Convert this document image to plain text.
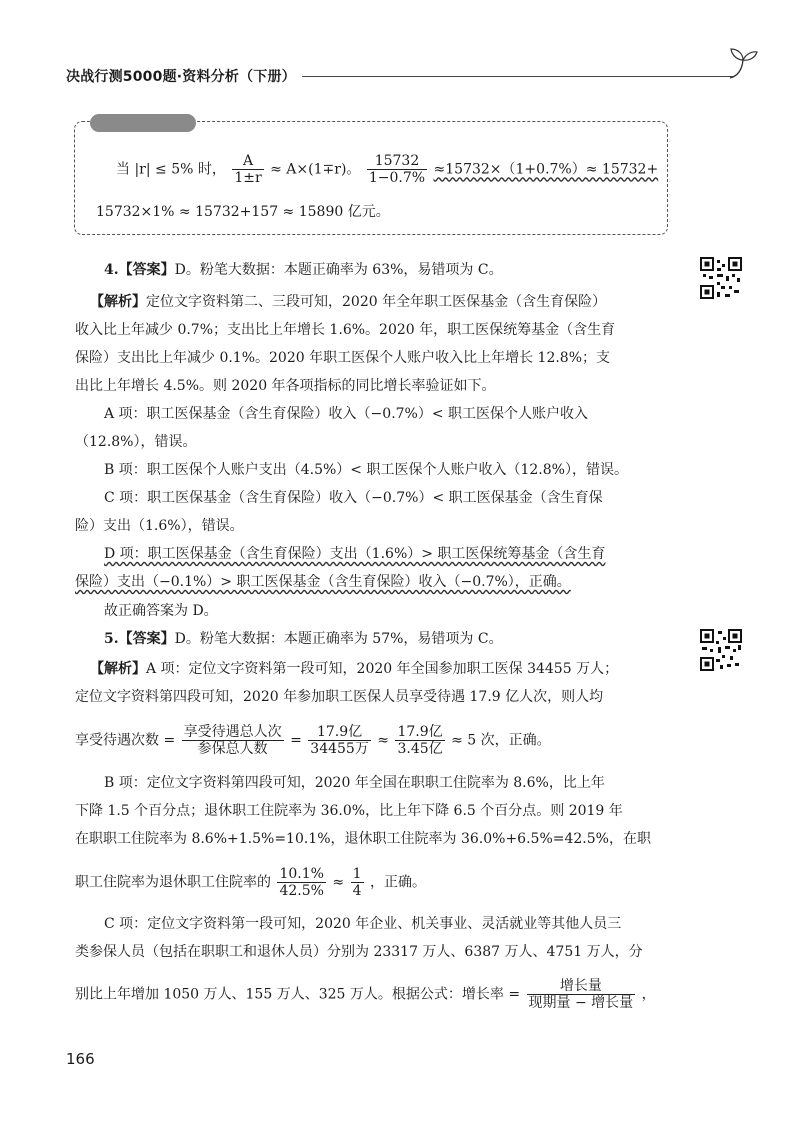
决战行测5000题·资料分析（下册）
当 |r| ≤ 5% 时， $\frac{A}{1\pm r} \approx A\times(1\mp r)$。 $\frac{15732}{1-0.7\%} \approx 15732\times(1+0.7\%)\approx 15732+$
15732×1% ≈ 15732+157 ≈ 15890 亿元。
4.【答案】D。粉笔大数据：本题正确率为 63%，易错项为 C。
【解析】定位文字资料第二、三段可知，2020 年全年职工医保基金（含生育保险）
收入比上年减少 0.7%；支出比上年增长 1.6%。2020 年，职工医保统筹基金（含生育
保险）支出比上年减少 0.1%。2020 年职工医保个人账户收入比上年增长 12.8%；支
出比上年增长 4.5%。则 2020 年各项指标的同比增长率验证如下。
A 项：职工医保基金（含生育保险）收入（−0.7%）< 职工医保个人账户收入
（12.8%），错误。
B 项：职工医保个人账户支出（4.5%）< 职工医保个人账户收入（12.8%），错误。
C 项：职工医保基金（含生育保险）收入（−0.7%）< 职工医保基金（含生育保
险）支出（1.6%），错误。
D 项：职工医保基金（含生育保险）支出（1.6%）> 职工医保统筹基金（含生育
保险）支出（−0.1%）> 职工医保基金（含生育保险）收入（−0.7%），正确。
故正确答案为 D。
5.【答案】D。粉笔大数据：本题正确率为 57%，易错项为 C。
【解析】A 项：定位文字资料第一段可知，2020 年全国参加职工医保 34455 万人；
定位文字资料第四段可知，2020 年参加职工医保人员享受待遇 17.9 亿人次，则人均
享受待遇次数 = $\frac{\text{享受待遇总人次}}{\text{参保总人数}} = \frac{\text{17.9亿}}{\text{34455万}} \approx \frac{\text{17.9亿}}{\text{3.45亿}} \approx 5$ 次，正确。
B 项：定位文字资料第四段可知，2020 年全国在职职工住院率为 8.6%，比上年
下降 1.5 个百分点；退休职工住院率为 36.0%，比上年下降 6.5 个百分点。则 2019 年
在职职工住院率为 8.6%+1.5%=10.1%，退休职工住院率为 36.0%+6.5%=42.5%，在职
职工住院率为退休职工住院率的 $\frac{10.1\%}{42.5\%} \approx \frac{1}{4}$ ，正确。
C 项：定位文字资料第一段可知，2020 年企业、机关事业、灵活就业等其他人员三
类参保人员（包括在职职工和退休人员）分别为 23317 万人、6387 万人、4751 万人，分
别比上年增加 1050 万人、155 万人、325 万人。根据公式：增长率 = $\frac{\text{增长量}}{\text{现期量 − 增长量}}$ ，
166
